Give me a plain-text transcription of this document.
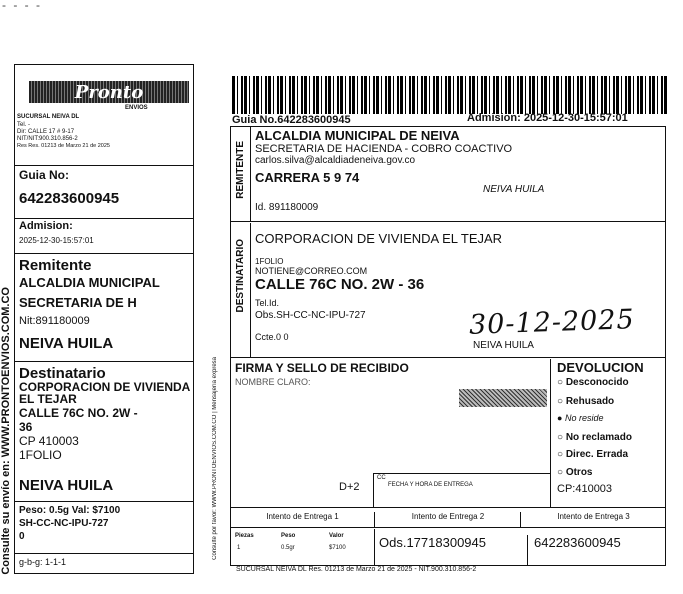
- - - -
Consulte su envío en: WWW.PRONTOENVIOS.COM.CO
Pronto
ENVIOS
SUCURSAL NEIVA DL
Tel. -
Dir: CALLE 17 # 9-17
NIT/NIT:900.310.856-2
Res Res. 01213 de Marzo 21 de 2025
Guia No:
642283600945
Admision:
2025-12-30-15:57:01
Remitente
ALCALDIA MUNICIPAL
SECRETARIA DE H
Nit:891180009
NEIVA HUILA
Destinatario
CORPORACION DE VIVIENDA EL TEJAR
CALLE 76C NO. 2W -
36
CP 410003
1FOLIO
NEIVA HUILA
Peso: 0.5g Val: $7100
SH-CC-NC-IPU-727
0
g-b-g: 1-1-1
Consulte por favor: WWW.PRONTOENVIOS.COM.CO | Mensajería expresa
Guia No.642283600945	Admision: 2025-12-30-15:57:01
REMITENTE
ALCALDIA MUNICIPAL DE NEIVA
SECRETARIA DE HACIENDA - COBRO COACTIVO
carlos.silva@alcaldiadeneiva.gov.co
CARRERA 5 9 74
NEIVA HUILA
Id. 891180009
DESTINATARIO
CORPORACION DE VIVIENDA EL TEJAR
1FOLIO
NOTIENE@CORREO.COM
CALLE 76C NO. 2W - 36
Tel.Id.
Obs.SH-CC-NC-IPU-727
Ccte.0 0
NEIVA HUILA
30-12-2025
FIRMA Y SELLO DE RECIBIDO
NOMBRE CLARO:
D+2
CC
FECHA Y HORA DE ENTREGA
DEVOLUCION
○ Desconocido
○ Rehusado
● No reside
○ No reclamado
○ Direc. Errada
○ Otros
CP:410003
Intento de Entrega 1	Intento de Entrega 2	Intento de Entrega 3
Piezas	Peso	Valor
1	0.5gr	$7100	Ods.17718300945	642283600945
SUCURSAL NEIVA DL Res. 01213 de Marzo 21 de 2025 - NIT.900.310.856-2
